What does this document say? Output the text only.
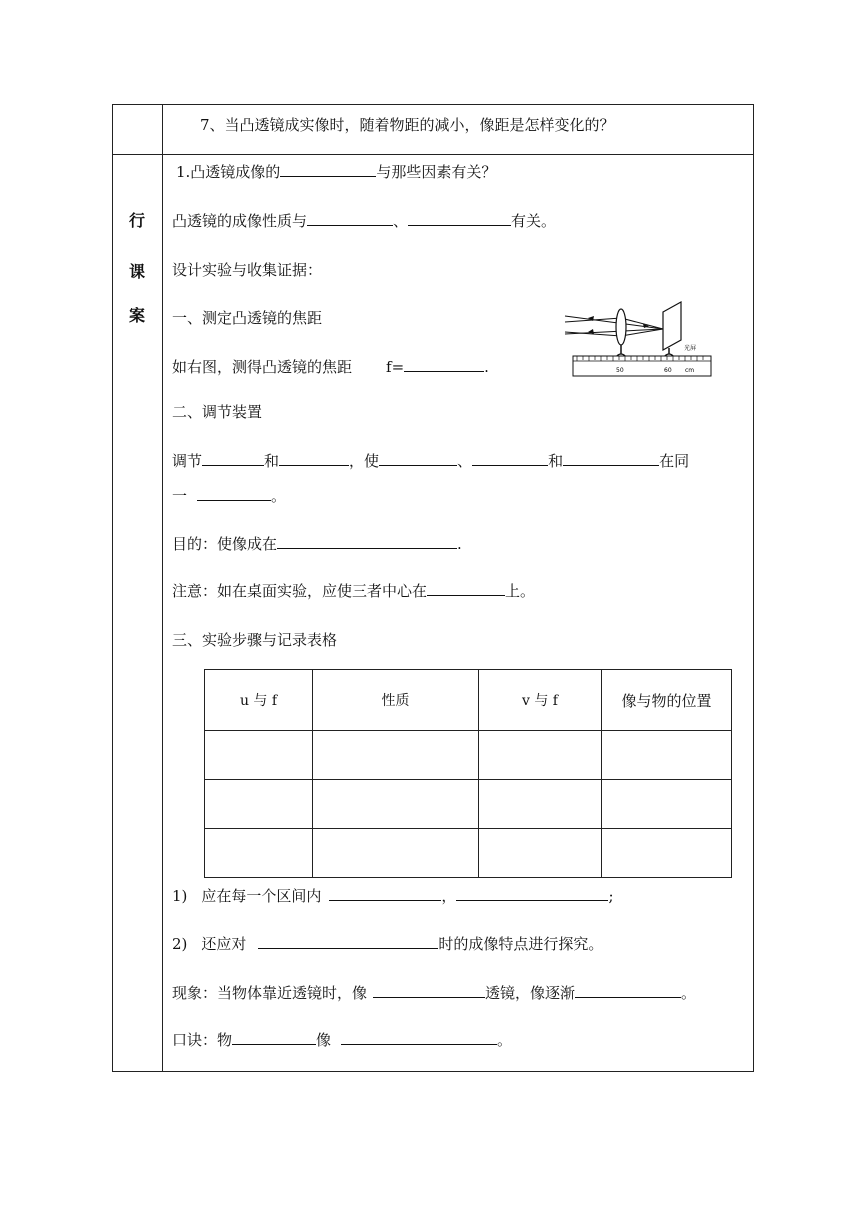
行
课
案
7、当凸透镜成实像时，随着物距的减小，像距是怎样变化的？
1.凸透镜成像的	与那些因素有关？
凸透镜的成像性质与	、	有关。
设计实验与收集证据：
一、测定凸透镜的焦距
如右图，测得凸透镜的焦距 f=	.	50	60 cm
光屏
二、调节装置
调节	和	，使	、	和	在同
一	。
目的：使像成在	.
注意：如在桌面实验，应使三者中心在	上。
三、实验步骤与记录表格
u 与 f	性质	v 与 f	像与物的位置

1) 应在每一个区间内	，	;
2) 还应对	时的成像特点进行探究。
现象：当物体靠近透镜时，像	透镜，像逐渐	。
口诀：物	像	。
